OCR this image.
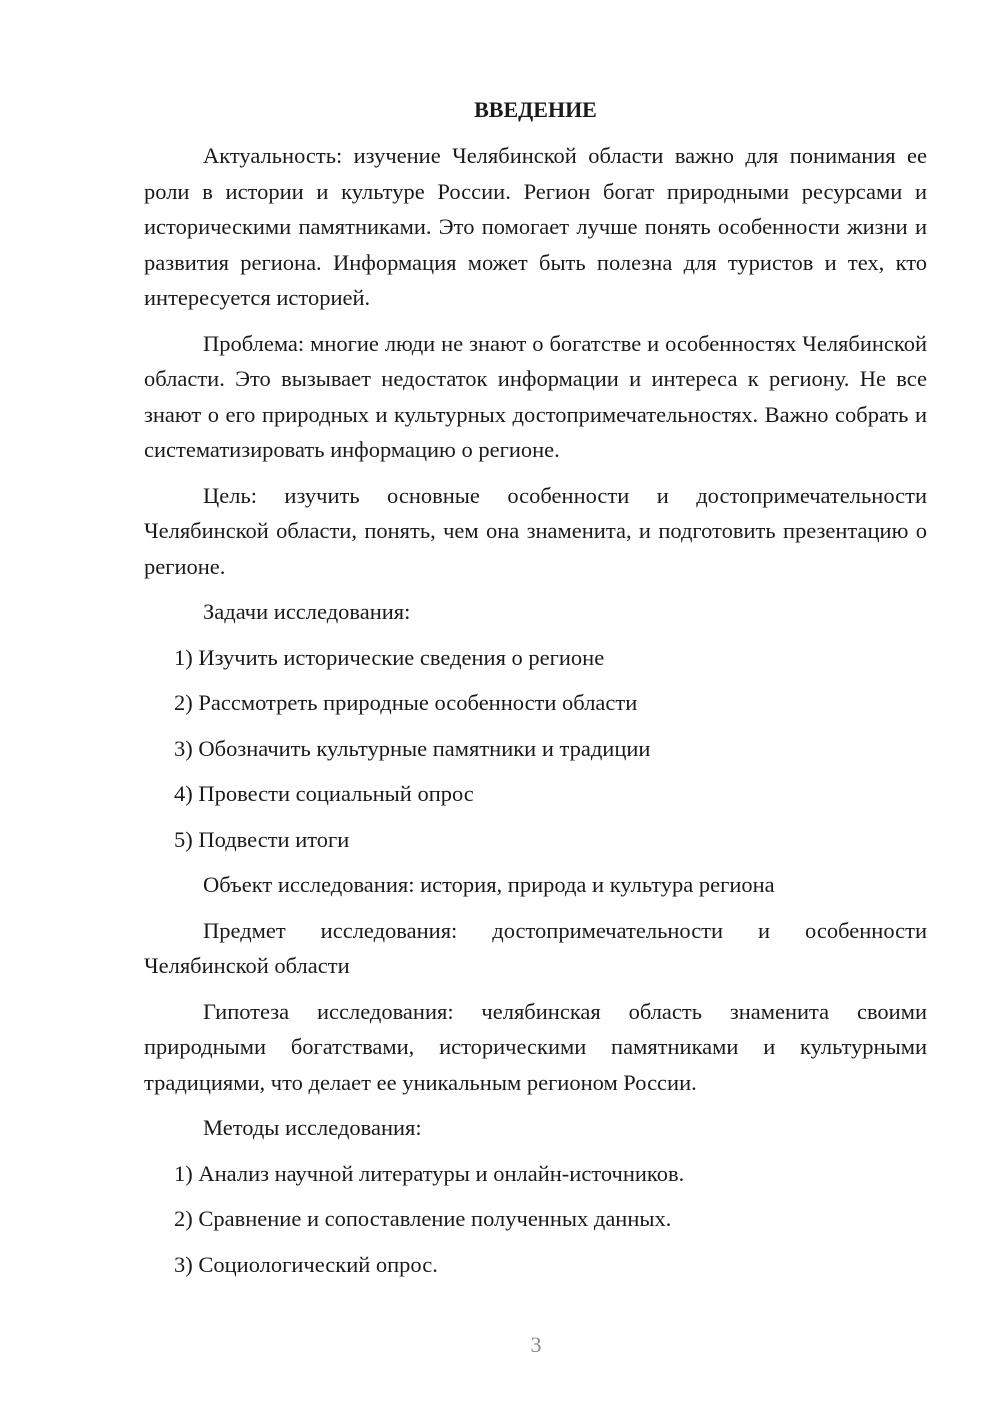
ВВЕДЕНИЕ

Актуальность: изучение Челябинской области важно для понимания ее роли в истории и культуре России. Регион богат природными ресурсами и историческими памятниками. Это помогает лучше понять особенности жизни и развития региона. Информация может быть полезна для туристов и тех, кто интересуется историей.

Проблема: многие люди не знают о богатстве и особенностях Челябинской области. Это вызывает недостаток информации и интереса к региону. Не все знают о его природных и культурных достопримечательностях. Важно собрать и систематизировать информацию о регионе.

Цель: изучить основные особенности и достопримечательности Челябинской области, понять, чем она знаменита, и подготовить презентацию о регионе.

Задачи исследования:

1) Изучить исторические сведения о регионе

2) Рассмотреть природные особенности области

3) Обозначить культурные памятники и традиции

4) Провести социальный опрос

5) Подвести итоги

Объект исследования: история, природа и культура региона

Предмет исследования: достопримечательности и особенности Челябинской области

Гипотеза исследования: челябинская область знаменита своими природными богатствами, историческими памятниками и культурными традициями, что делает ее уникальным регионом России.

Методы исследования:

1) Анализ научной литературы и онлайн-источников.

2) Сравнение и сопоставление полученных данных.

3) Социологический опрос.

3
